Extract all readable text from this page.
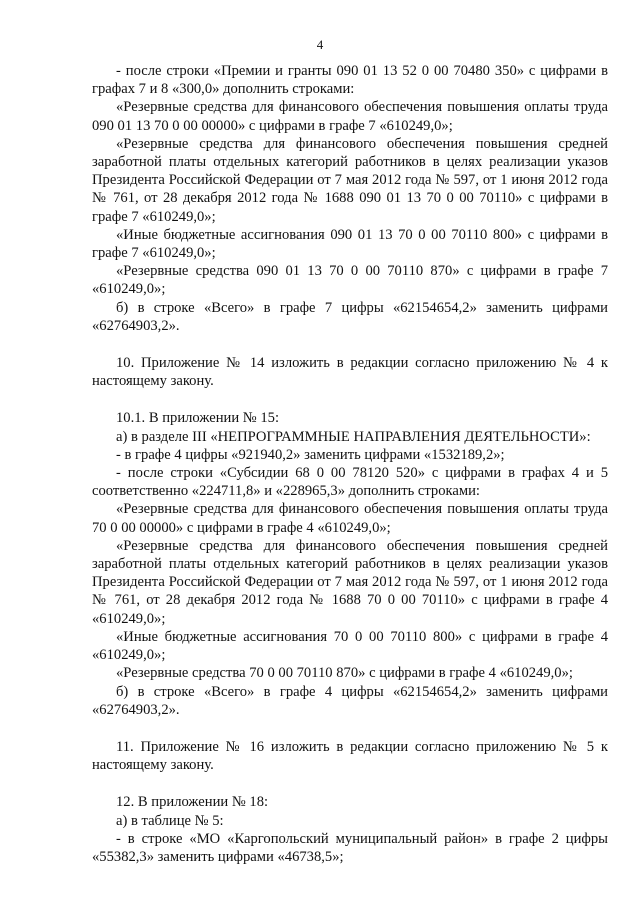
4

- после строки «Премии и гранты 090 01 13 52 0 00 70480 350» с цифрами в графах 7 и 8 «300,0» дополнить строками:

«Резервные средства для финансового обеспечения повышения оплаты труда 090 01 13 70 0 00 00000» с цифрами в графе 7 «610249,0»;

«Резервные средства для финансового обеспечения повышения средней заработной платы отдельных категорий работников в целях реализации указов Президента Российской Федерации от 7 мая 2012 года № 597, от 1 июня 2012 года № 761, от 28 декабря 2012 года № 1688 090 01 13 70 0 00 70110» с цифрами в графе 7 «610249,0»;

«Иные бюджетные ассигнования 090 01 13 70 0 00 70110 800» с цифрами в графе 7 «610249,0»;

«Резервные средства 090 01 13 70 0 00 70110 870» с цифрами в графе 7 «610249,0»;

б) в строке «Всего» в графе 7 цифры «62154654,2» заменить цифрами «62764903,2».

10. Приложение № 14 изложить в редакции согласно приложению № 4 к настоящему закону.

10.1. В приложении № 15:

а) в разделе III «НЕПРОГРАММНЫЕ НАПРАВЛЕНИЯ ДЕЯТЕЛЬНОСТИ»:

- в графе 4 цифры «921940,2» заменить цифрами «1532189,2»;

- после строки «Субсидии 68 0 00 78120 520» с цифрами в графах 4 и 5 соответственно «224711,8» и «228965,3» дополнить строками:

«Резервные средства для финансового обеспечения повышения оплаты труда 70 0 00 00000» с цифрами в графе 4 «610249,0»;

«Резервные средства для финансового обеспечения повышения средней заработной платы отдельных категорий работников в целях реализации указов Президента Российской Федерации от 7 мая 2012 года № 597, от 1 июня 2012 года № 761, от 28 декабря 2012 года № 1688 70 0 00 70110» с цифрами в графе 4 «610249,0»;

«Иные бюджетные ассигнования 70 0 00 70110 800» с цифрами в графе 4 «610249,0»;

«Резервные средства 70 0 00 70110 870» с цифрами в графе 4 «610249,0»;

б) в строке «Всего» в графе 4 цифры «62154654,2» заменить цифрами «62764903,2».

11. Приложение № 16 изложить в редакции согласно приложению № 5 к настоящему закону.

12. В приложении № 18:

а) в таблице № 5:

- в строке «МО «Каргопольский муниципальный район» в графе 2 цифры «55382,3» заменить цифрами «46738,5»;
